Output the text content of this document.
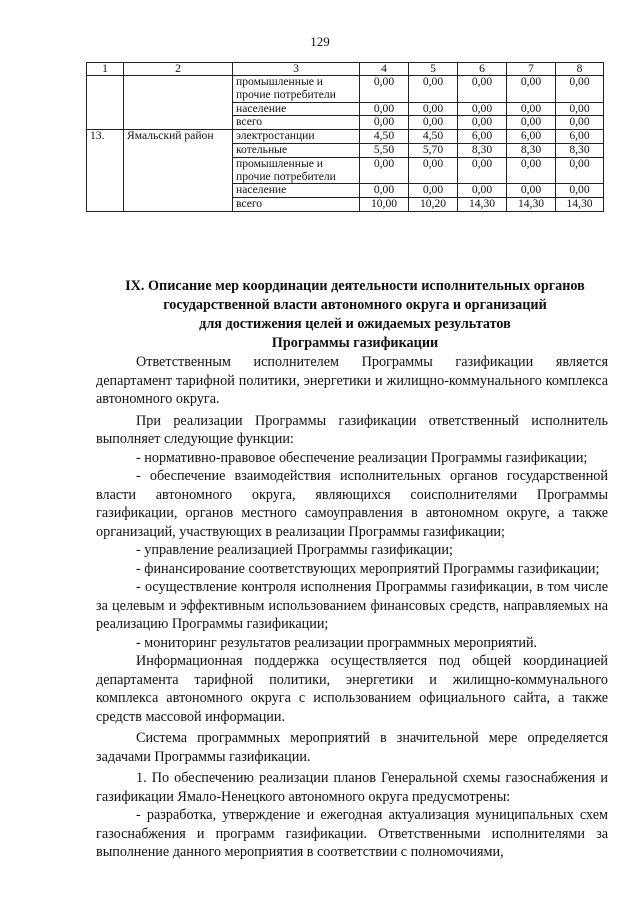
129
1	2	3	4	5	6	7	8
		промышленные и прочие потребители	0,00	0,00	0,00	0,00	0,00
		население	0,00	0,00	0,00	0,00	0,00
		всего	0,00	0,00	0,00	0,00	0,00
13.	Ямальский район	электростанции	4,50	4,50	6,00	6,00	6,00
		котельные	5,50	5,70	8,30	8,30	8,30
		промышленные и прочие потребители	0,00	0,00	0,00	0,00	0,00
		население	0,00	0,00	0,00	0,00	0,00
		всего	10,00	10,20	14,30	14,30	14,30
IX. Описание мер координации деятельности исполнительных органов
государственной власти автономного округа и организаций
для достижения целей и ожидаемых результатов
Программы газификации

Ответственным исполнителем Программы газификации является департамент тарифной политики, энергетики и жилищно-коммунального комплекса автономного округа.

При реализации Программы газификации ответственный исполнитель выполняет следующие функции:

- нормативно-правовое обеспечение реализации Программы газификации;

- обеспечение взаимодействия исполнительных органов государственной власти автономного округа, являющихся соисполнителями Программы газификации, органов местного самоуправления в автономном округе, а также организаций, участвующих в реализации Программы газификации;

- управление реализацией Программы газификации;

- финансирование соответствующих мероприятий Программы газификации;

- осуществление контроля исполнения Программы газификации, в том числе за целевым и эффективным использованием финансовых средств, направляемых на реализацию Программы газификации;

- мониторинг результатов реализации программных мероприятий.

Информационная поддержка осуществляется под общей координацией департамента тарифной политики, энергетики и жилищно-коммунального комплекса автономного округа с использованием официального сайта, а также средств массовой информации.

Система программных мероприятий в значительной мере определяется задачами Программы газификации.

1. По обеспечению реализации планов Генеральной схемы газоснабжения и газификации Ямало-Ненецкого автономного округа предусмотрены:

- разработка, утверждение и ежегодная актуализация муниципальных схем газоснабжения и программ газификации. Ответственными исполнителями за выполнение данного мероприятия в соответствии с полномочиями,
